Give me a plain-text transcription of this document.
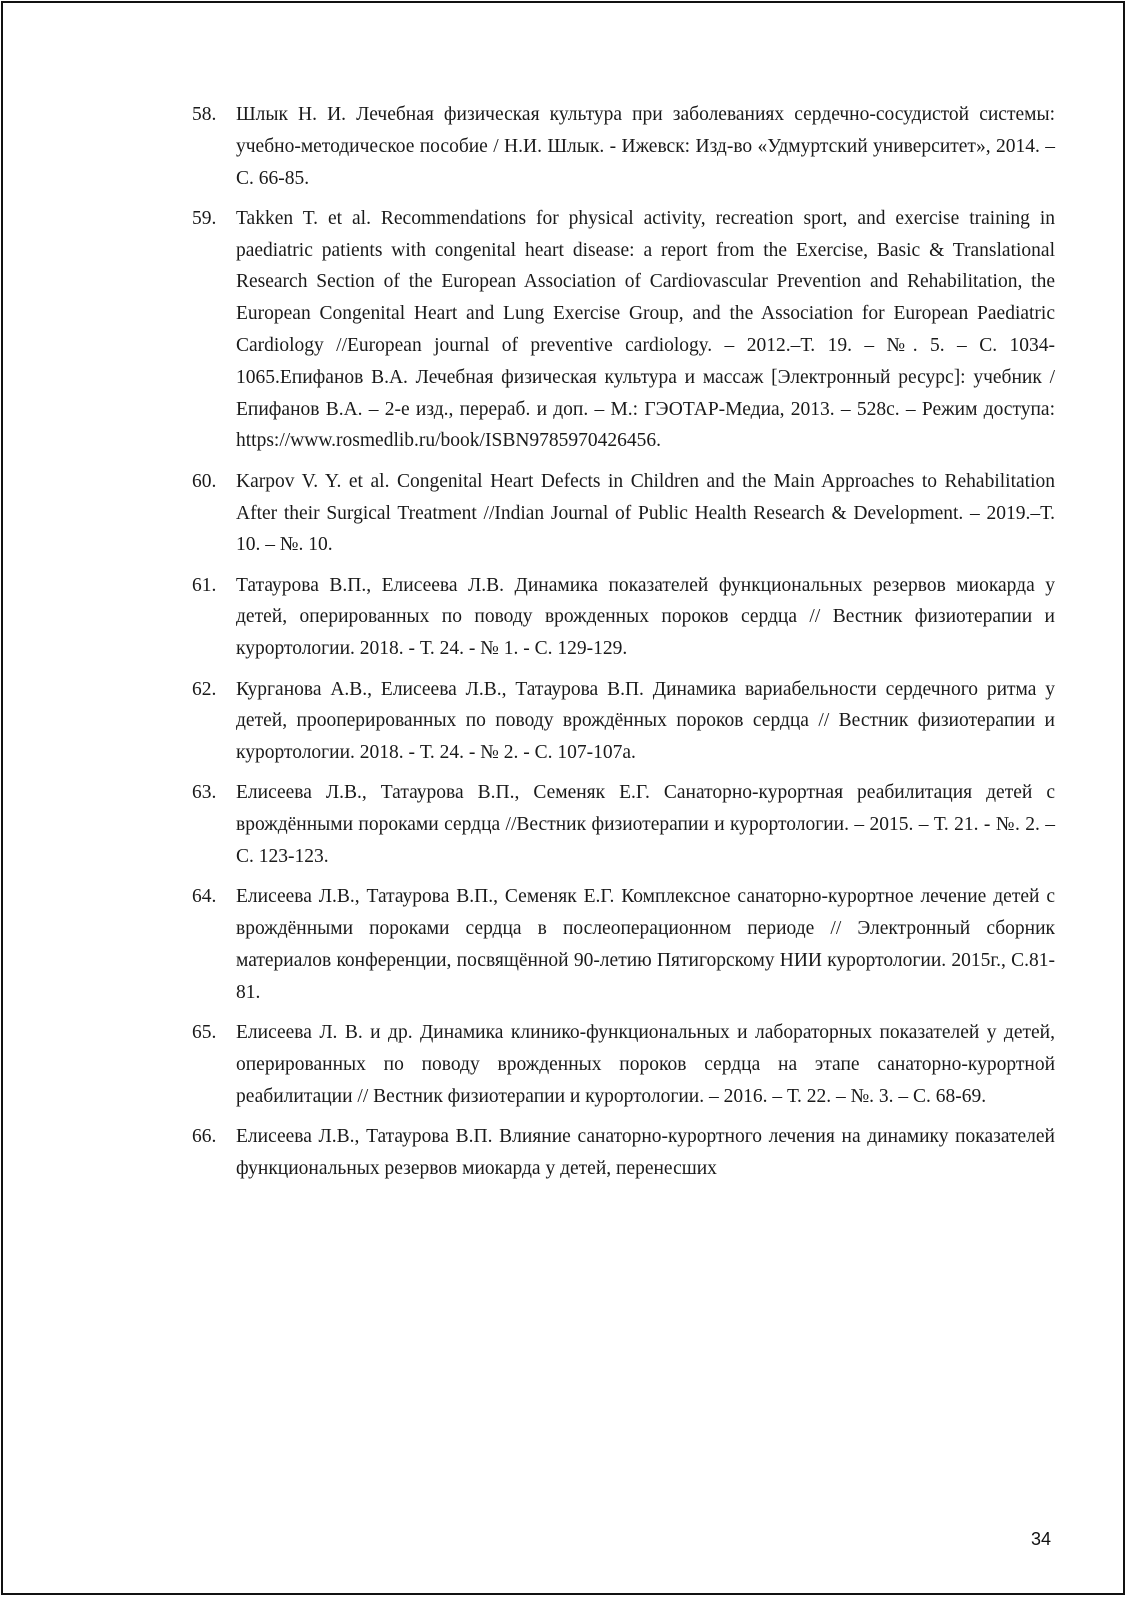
58. Шлык Н. И. Лечебная физическая культура при заболеваниях сердечно-сосудистой системы: учебно-методическое пособие / Н.И. Шлык. - Ижевск: Изд-во «Удмуртский университет», 2014. – С. 66-85.
59. Takken T. et al. Recommendations for physical activity, recreation sport, and exercise training in paediatric patients with congenital heart disease: a report from the Exercise, Basic & Translational Research Section of the European Association of Cardiovascular Prevention and Rehabilitation, the European Congenital Heart and Lung Exercise Group, and the Association for European Paediatric Cardiology //European journal of preventive cardiology. – 2012.–Т. 19. – №. 5. – С. 1034-1065.Епифанов В.А. Лечебная физическая культура и массаж [Электронный ресурс]: учебник / Епифанов В.А. – 2-е изд., перераб. и доп. – М.: ГЭОТАР-Медиа, 2013. – 528с. – Режим доступа: https://www.rosmedlib.ru/book/ISBN9785970426456.
60. Karpov V. Y. et al. Congenital Heart Defects in Children and the Main Approaches to Rehabilitation After their Surgical Treatment //Indian Journal of Public Health Research & Development. – 2019.–Т. 10. – №. 10.
61. Татаурова В.П., Елисеева Л.В. Динамика показателей функциональных резервов миокарда у детей, оперированных по поводу врожденных пороков сердца // Вестник физиотерапии и курортологии. 2018. - Т. 24. - № 1. - С. 129-129.
62. Курганова А.В., Елисеева Л.В., Татаурова В.П. Динамика вариабельности сердечного ритма у детей, прооперированных по поводу врождённых пороков сердца // Вестник физиотерапии и курортологии. 2018. - Т. 24. - № 2. - С. 107-107а.
63. Елисеева Л.В., Татаурова В.П., Семеняк Е.Г. Санаторно-курортная реабилитация детей с врождёнными пороками сердца //Вестник физиотерапии и курортологии. – 2015. – Т. 21. - №. 2. – С. 123-123.
64. Елисеева Л.В., Татаурова В.П., Семеняк Е.Г. Комплексное санаторно-курортное лечение детей с врождёнными пороками сердца в послеоперационном периоде // Электронный сборник материалов конференции, посвящённой 90-летию Пятигорскому НИИ курортологии. 2015г., С.81-81.
65. Елисеева Л. В. и др. Динамика клинико-функциональных и лабораторных показателей у детей, оперированных по поводу врожденных пороков сердца на этапе санаторно-курортной реабилитации // Вестник физиотерапии и курортологии. – 2016. – Т. 22. – №. 3. – С. 68-69.
66. Елисеева Л.В., Татаурова В.П. Влияние санаторно-курортного лечения на динамику показателей функциональных резервов миокарда у детей, перенесших
34
